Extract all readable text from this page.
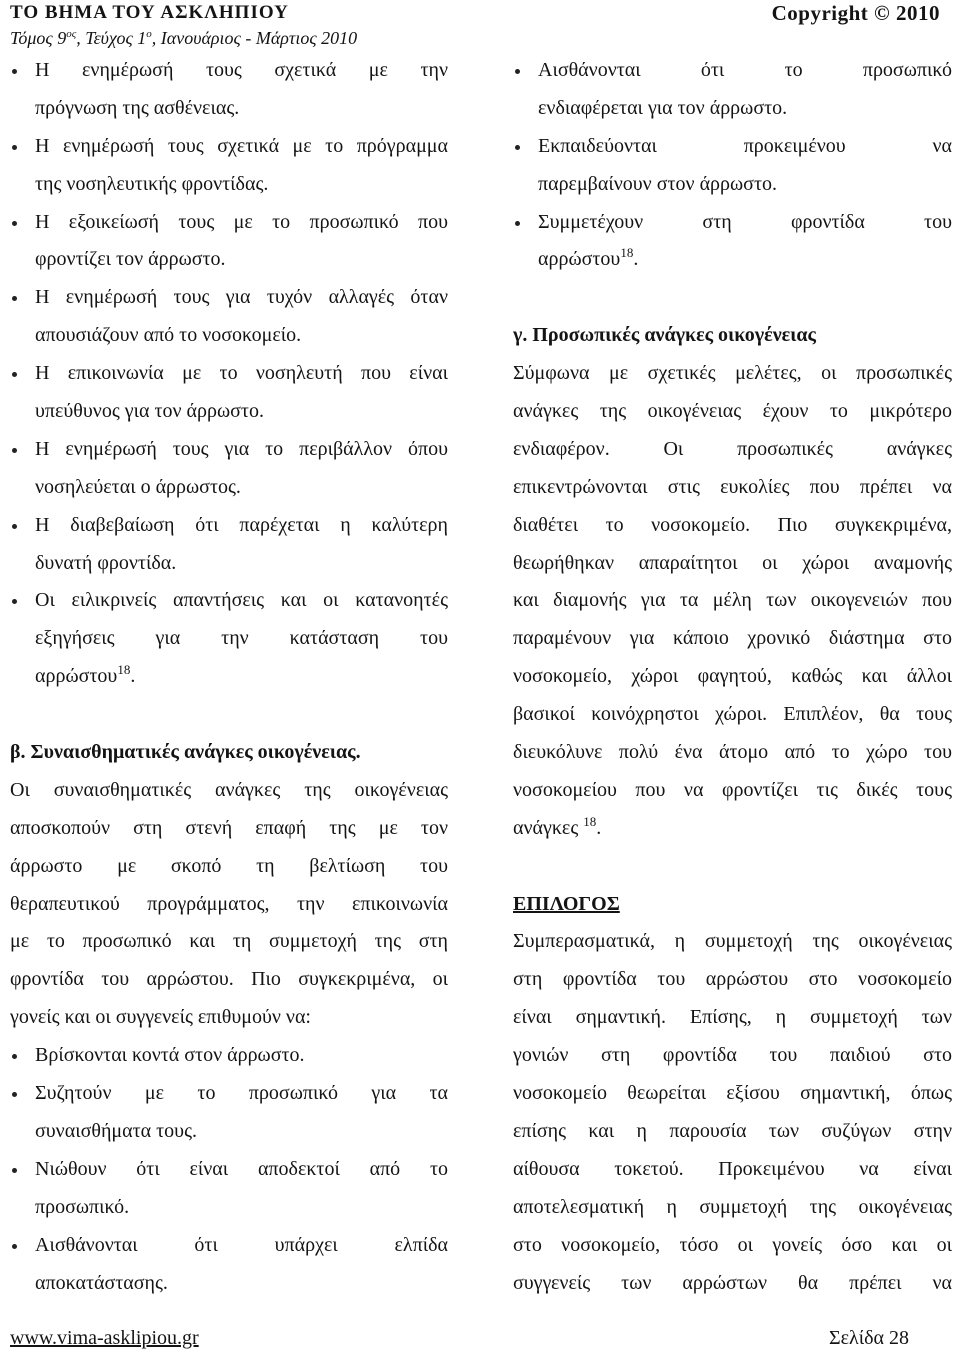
ΤΟ ΒΗΜΑ ΤΟΥ ΑΣΚΛΗΠΙΟΥ	Copyright © 2010
Τόμος $9^{o\varsigma}$, Τεύχος $1^o$, Ιανουάριος - Μάρτιος 2010
Η ενημέρωσή τους σχετικά με την
πρόγνωση της ασθένειας.
Η ενημέρωσή τους σχετικά με το πρόγραμμα
της νοσηλευτικής φροντίδας.
Η εξοικείωσή τους με το προσωπικό που
φροντίζει τον άρρωστο.
Η ενημέρωσή τους για τυχόν αλλαγές όταν
απουσιάζουν από το νοσοκομείο.
Η επικοινωνία με το νοσηλευτή που είναι
υπεύθυνος για τον άρρωστο.
Η ενημέρωσή τους για το περιβάλλον όπου
νοσηλεύεται ο άρρωστος.
Η διαβεβαίωση ότι παρέχεται η καλύτερη
δυνατή φροντίδα.
Οι ειλικρινείς απαντήσεις και οι κατανοητές
εξηγήσεις για την κατάσταση του
αρρώστου$^{18}$.
β. Συναισθηματικές ανάγκες οικογένειας.
Οι συναισθηματικές ανάγκες της οικογένειας
αποσκοπούν στη στενή επαφή της με τον
άρρωστο με σκοπό τη βελτίωση του
θεραπευτικού προγράμματος, την επικοινωνία
με το προσωπικό και τη συμμετοχή της στη
φροντίδα του αρρώστου. Πιο συγκεκριμένα, οι
γονείς και οι συγγενείς επιθυμούν να:
Βρίσκονται κοντά στον άρρωστο.
Συζητούν με το προσωπικό για τα
συναισθήματα τους.
Νιώθουν ότι είναι αποδεκτοί από το
προσωπικό.
Αισθάνονται ότι υπάρχει ελπίδα
αποκατάστασης.
Αισθάνονται ότι το προσωπικό
ενδιαφέρεται για τον άρρωστο.
Εκπαιδεύονται προκειμένου να
παρεμβαίνουν στον άρρωστο.
Συμμετέχουν στη φροντίδα του
αρρώστου$^{18}$.
γ. Προσωπικές ανάγκες οικογένειας
Σύμφωνα με σχετικές μελέτες, οι προσωπικές
ανάγκες της οικογένειας έχουν το μικρότερο
ενδιαφέρον. Οι προσωπικές ανάγκες
επικεντρώνονται στις ευκολίες που πρέπει να
διαθέτει το νοσοκομείο. Πιο συγκεκριμένα,
θεωρήθηκαν απαραίτητοι οι χώροι αναμονής
και διαμονής για τα μέλη των οικογενειών που
παραμένουν για κάποιο χρονικό διάστημα στο
νοσοκομείο, χώροι φαγητού, καθώς και άλλοι
βασικοί κοινόχρηστοι χώροι. Επιπλέον, θα τους
διευκόλυνε πολύ ένα άτομο από το χώρο του
νοσοκομείου που να φροντίζει τις δικές τους
ανάγκες $^{18}$.
ΕΠΙΛΟΓΟΣ
Συμπερασματικά, η συμμετοχή της οικογένειας
στη φροντίδα του αρρώστου στο νοσοκομείο
είναι σημαντική. Επίσης, η συμμετοχή των
γονιών στη φροντίδα του παιδιού στο
νοσοκομείο θεωρείται εξίσου σημαντική, όπως
επίσης και η παρουσία των συζύγων στην
αίθουσα τοκετού. Προκειμένου να είναι
αποτελεσματική η συμμετοχή της οικογένειας
στο νοσοκομείο, τόσο οι γονείς όσο και οι
συγγενείς των αρρώστων θα πρέπει να
www.vima-asklipiou.gr	Σελίδα 28
